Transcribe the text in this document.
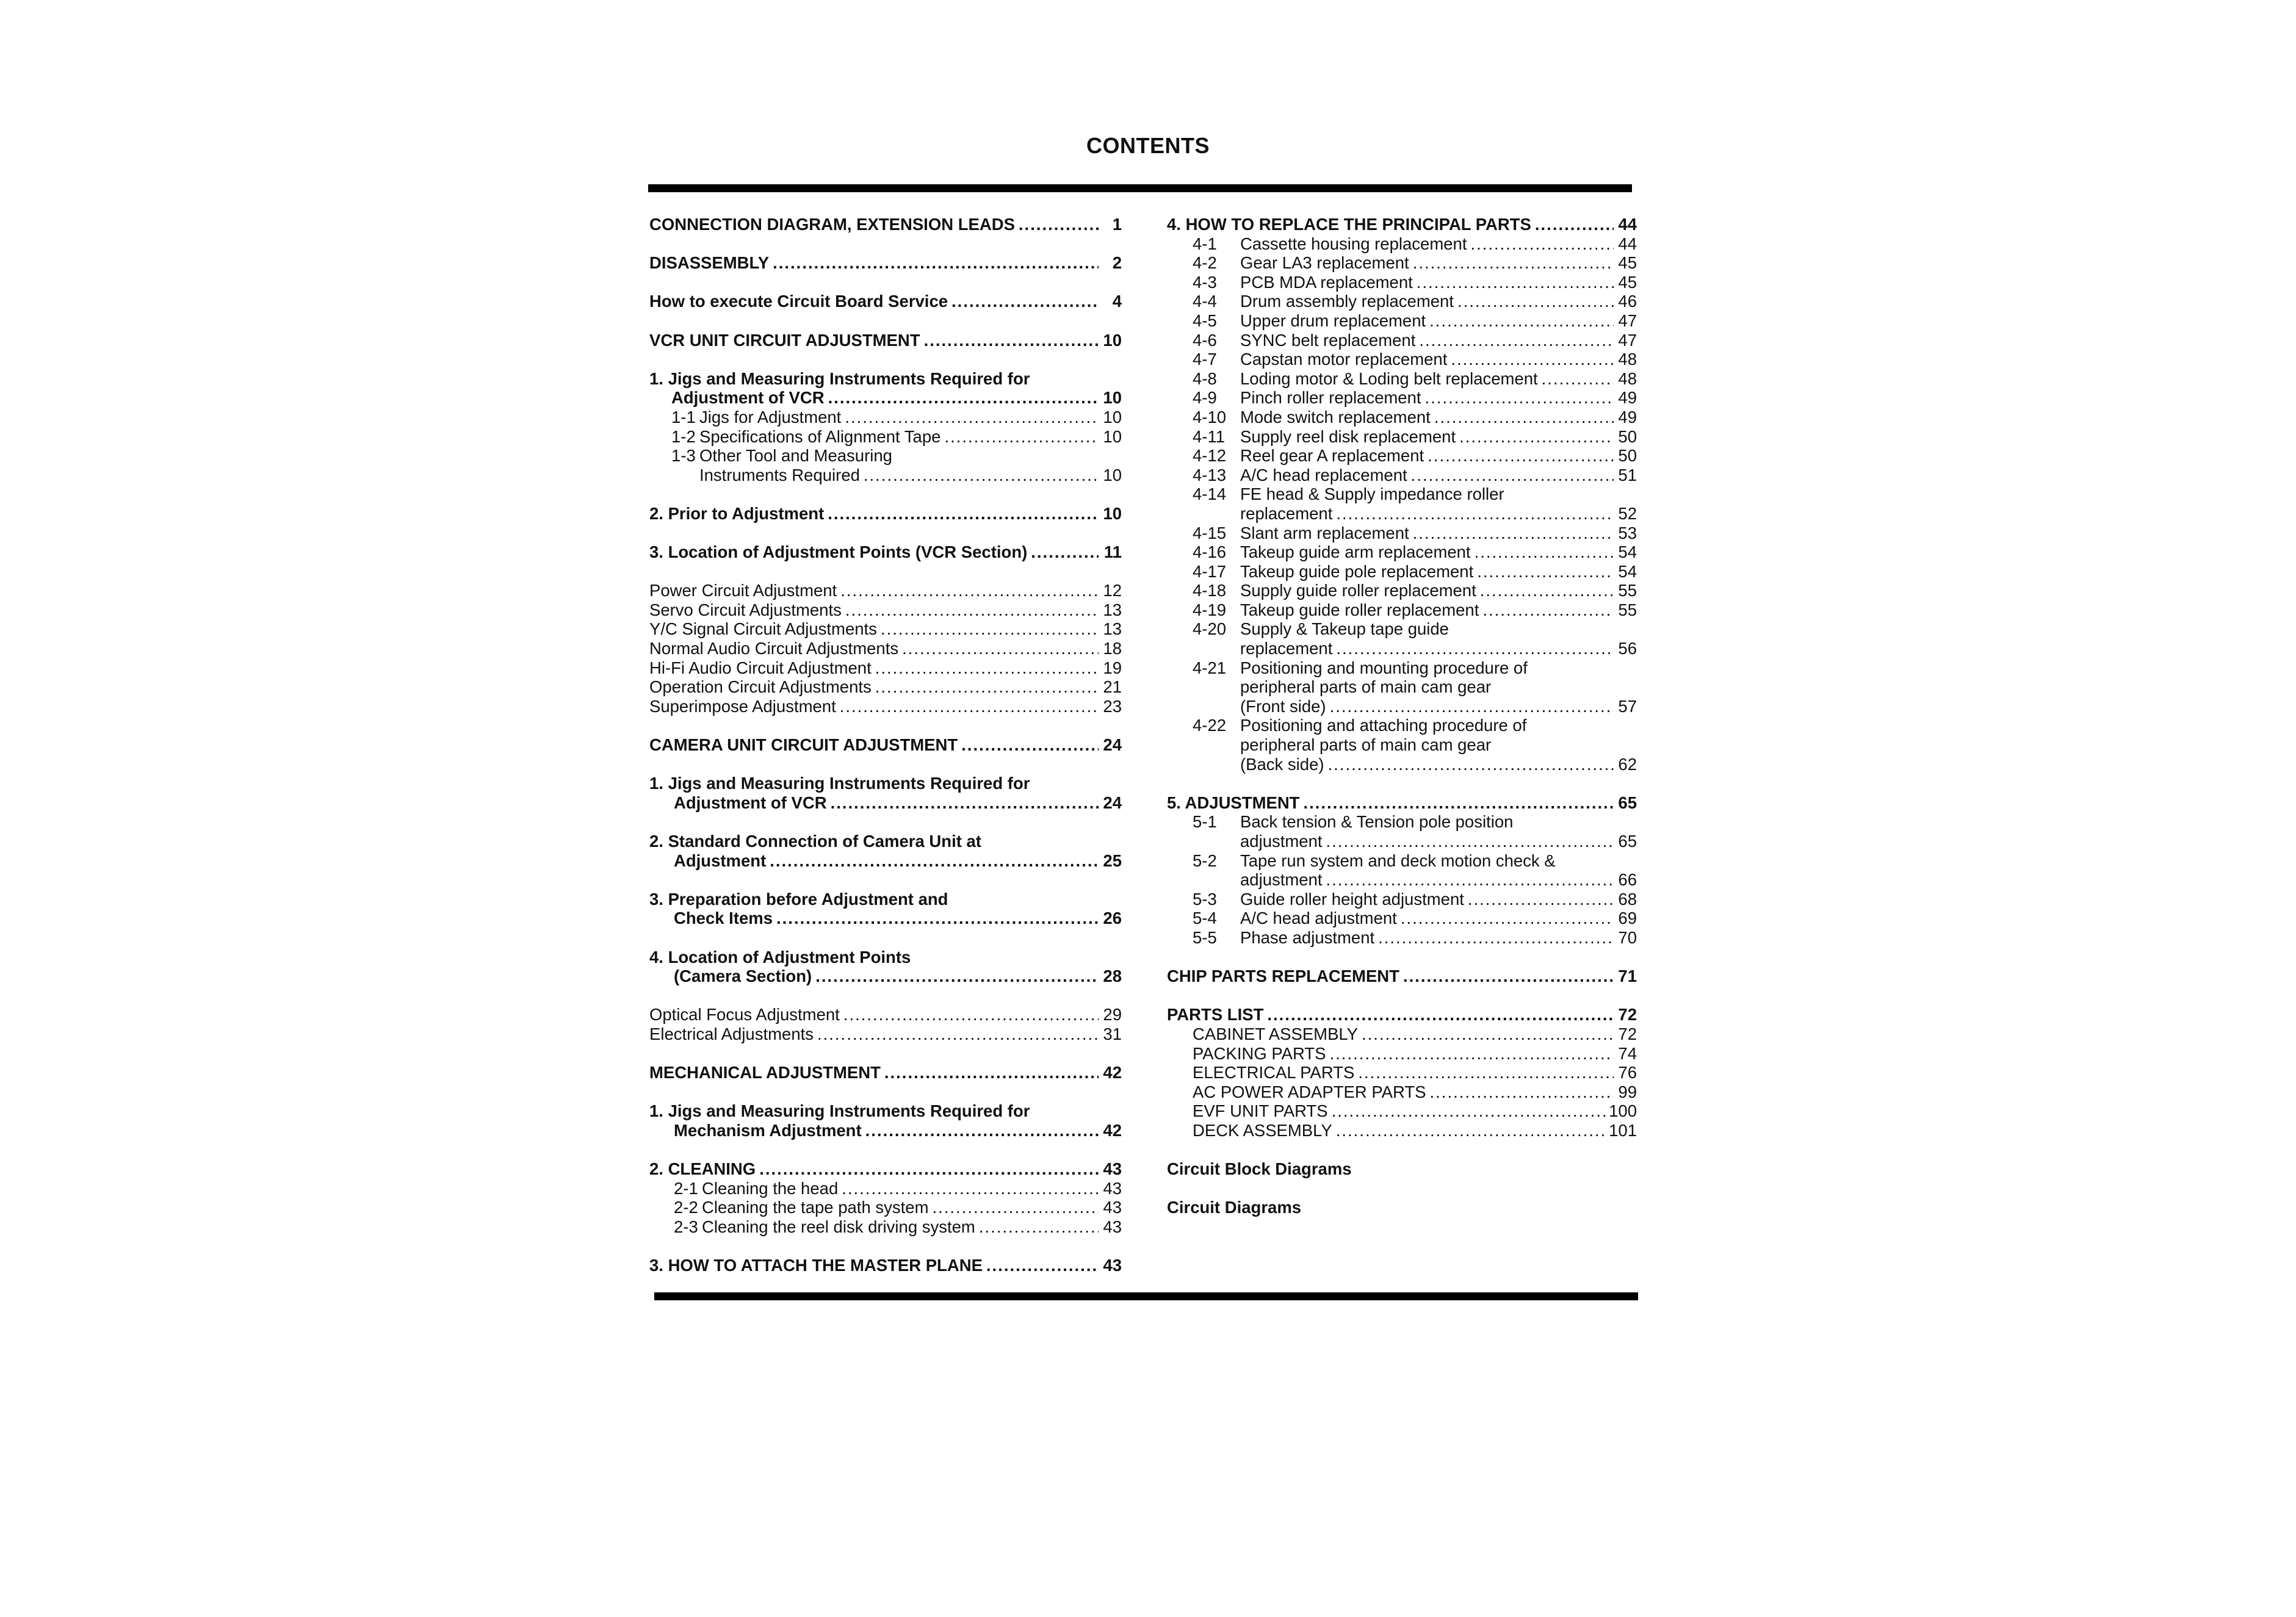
CONTENTS
CONNECTION DIAGRAM, EXTENSION LEADS .....	1
DISASSEMBLY .....	2
How to execute Circuit Board Service .....	4
VCR UNIT CIRCUIT ADJUSTMENT .....	10
1. Jigs and Measuring Instruments Required for
Adjustment of VCR .....	10
1-1 Jigs for Adjustment .....	10
1-2 Specifications of Alignment Tape .....	10
1-3 Other Tool and Measuring
Instruments Required .....	10
2. Prior to Adjustment .....	10
3. Location of Adjustment Points (VCR Section) .....	11
Power Circuit Adjustment .....	12
Servo Circuit Adjustments .....	13
Y/C Signal Circuit Adjustments .....	13
Normal Audio Circuit Adjustments .....	18
Hi-Fi Audio Circuit Adjustment .....	19
Operation Circuit Adjustments .....	21
Superimpose Adjustment .....	23
CAMERA UNIT CIRCUIT ADJUSTMENT .....	24
1. Jigs and Measuring Instruments Required for
Adjustment of VCR .....	24
2. Standard Connection of Camera Unit at
Adjustment .....	25
3. Preparation before Adjustment and
Check Items .....	26
4. Location of Adjustment Points
(Camera Section) .....	28
Optical Focus Adjustment .....	29
Electrical Adjustments .....	31
MECHANICAL ADJUSTMENT .....	42
1. Jigs and Measuring Instruments Required for
Mechanism Adjustment .....	42
2. CLEANING .....	43
2-1 Cleaning the head .....	43
2-2 Cleaning the tape path system .....	43
2-3 Cleaning the reel disk driving system .....	43
3. HOW TO ATTACH THE MASTER PLANE .....	43
4. HOW TO REPLACE THE PRINCIPAL PARTS .....	44
4-1	Cassette housing replacement .....	44
4-2	Gear LA3 replacement .....	45
4-3	PCB MDA replacement .....	45
4-4	Drum assembly replacement .....	46
4-5	Upper drum replacement .....	47
4-6	SYNC belt replacement .....	47
4-7	Capstan motor replacement .....	48
4-8	Loding motor & Loding belt replacement .....	48
4-9	Pinch roller replacement .....	49
4-10 Mode switch replacement .....	49
4-11 Supply reel disk replacement .....	50
4-12 Reel gear A replacement .....	50
4-13 A/C head replacement .....	51
4-14 FE head & Supply impedance roller
replacement .....	52
4-15 Slant arm replacement .....	53
4-16 Takeup guide arm replacement .....	54
4-17 Takeup guide pole replacement .....	54
4-18 Supply guide roller replacement .....	55
4-19 Takeup guide roller replacement .....	55
4-20 Supply & Takeup tape guide
replacement .....	56
4-21 Positioning and mounting procedure of
peripheral parts of main cam gear
(Front side) .....	57
4-22 Positioning and attaching procedure of
peripheral parts of main cam gear
(Back side) .....	62
5. ADJUSTMENT .....	65
5-1 Back tension & Tension pole position
adjustment .....	65
5-2 Tape run system and deck motion check &
adjustment .....	66
5-3	Guide roller height adjustment .....	68
5-4	A/C head adjustment .....	69
5-5	Phase adjustment .....	70
CHIP PARTS REPLACEMENT .....	71
PARTS LIST .....	72
CABINET ASSEMBLY .....	72
PACKING PARTS .....	74
ELECTRICAL PARTS .....	76
AC POWER ADAPTER PARTS .....	99
EVF UNIT PARTS .....	100
DECK ASSEMBLY .....	101
Circuit Block Diagrams
Circuit Diagrams
